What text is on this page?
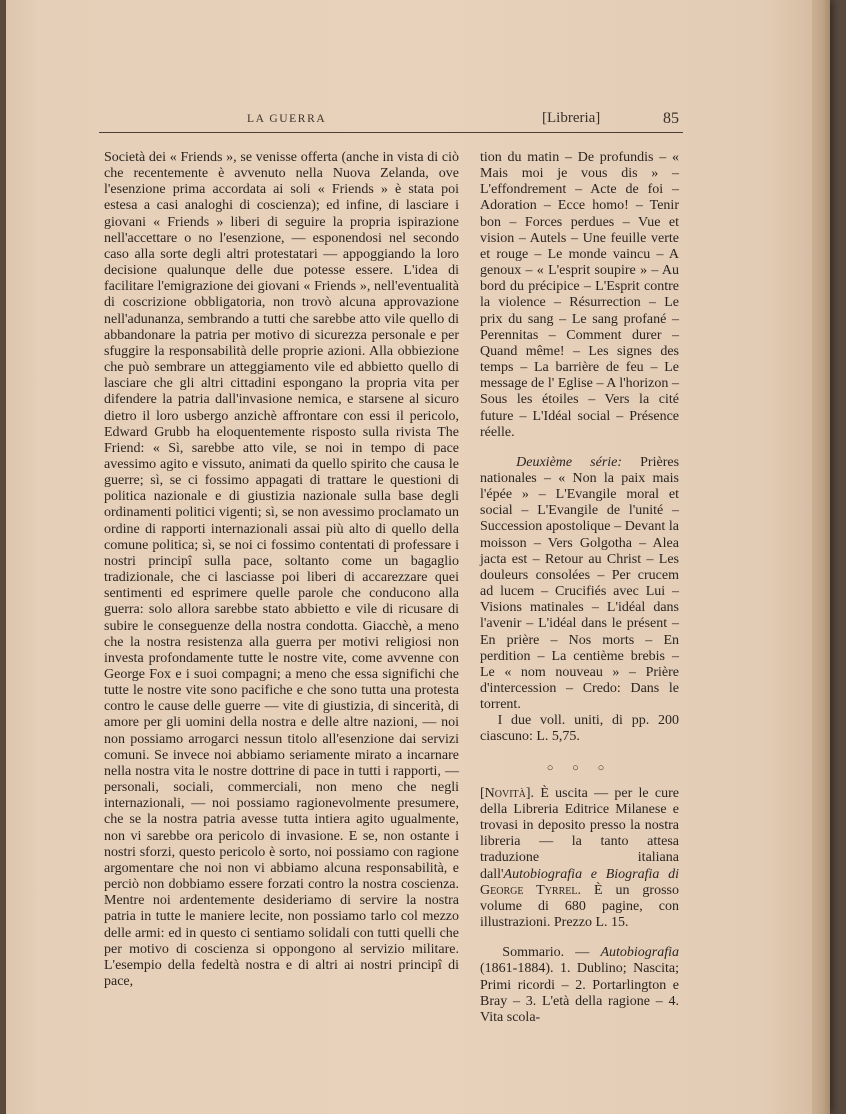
LA GUERRA	[Libreria]	85

Società dei « Friends », se venisse offerta (anche in vista di ciò che recentemente è avvenuto nella Nuova Zelanda, ove l'esenzione prima accordata ai soli « Friends » è stata poi estesa a casi analoghi di coscienza); ed infine, di lasciare i giovani « Friends » liberi di seguire la propria ispirazione nell'accettare o no l'esenzione, — esponendosi nel secondo caso alla sorte degli altri protestatari — appoggiando la loro decisione qualunque delle due potesse essere. L'idea di facilitare l'emigrazione dei giovani « Friends », nell'eventualità di coscrizione obbligatoria, non trovò alcuna approvazione nell'adunanza, sembrando a tutti che sarebbe atto vile quello di abbandonare la patria per motivo di sicurezza personale e per sfuggire la responsabilità delle proprie azioni. Alla obbiezione che può sembrare un atteggiamento vile ed abbietto quello di lasciare che gli altri cittadini espongano la propria vita per difendere la patria dall'invasione nemica, e starsene al sicuro dietro il loro usbergo anzichè affrontare con essi il pericolo, Edward Grubb ha eloquentemente risposto sulla rivista The Friend: « Sì, sarebbe atto vile, se noi in tempo di pace avessimo agito e vissuto, animati da quello spirito che causa le guerre; sì, se ci fossimo appagati di trattare le questioni di politica nazionale e di giustizia nazionale sulla base degli ordinamenti politici vigenti; sì, se non avessimo proclamato un ordine di rapporti internazionali assai più alto di quello della comune politica; sì, se noi ci fossimo contentati di professare i nostri principî sulla pace, soltanto come un bagaglio tradizionale, che ci lasciasse poi liberi di accarezzare quei sentimenti ed esprimere quelle parole che conducono alla guerra: solo allora sarebbe stato abbietto e vile di ricusare di subire le conseguenze della nostra condotta. Giacchè, a meno che la nostra resistenza alla guerra per motivi religiosi non investa profondamente tutte le nostre vite, come avvenne con George Fox e i suoi compagni; a meno che essa significhi che tutte le nostre vite sono pacifiche e che sono tutta una protesta contro le cause delle guerre — vite di giustizia, di sincerità, di amore per gli uomini della nostra e delle altre nazioni, — noi non possiamo arrogarci nessun titolo all'esenzione dai servizi comuni. Se invece noi abbiamo seriamente mirato a incarnare nella nostra vita le nostre dottrine di pace in tutti i rapporti, — personali, sociali, commerciali, non meno che negli internazionali, — noi possiamo ragionevolmente presumere, che se la nostra patria avesse tutta intiera agito ugualmente, non vi sarebbe ora pericolo di invasione. E se, non ostante i nostri sforzi, questo pericolo è sorto, noi possiamo con ragione argomentare che noi non vi abbiamo alcuna responsabilità, e perciò non dobbiamo essere forzati contro la nostra coscienza. Mentre noi ardentemente desideriamo di servire la nostra patria in tutte le maniere lecite, non possiamo tarlo col mezzo delle armi: ed in questo ci sentiamo solidali con tutti quelli che per motivo di coscienza si oppongono al servizio militare. L'esempio della fedeltà nostra e di altri ai nostri principî di pace,

tion du matin – De profundis – « Mais moi je vous dis » – L'effondrement – Acte de foi – Adoration – Ecce homo! – Tenir bon – Forces perdues – Vue et vision – Autels – Une feuille verte et rouge – Le monde vaincu – A genoux – « L'esprit soupire » – Au bord du précipice – L'Esprit contre la violence – Résurrection – Le prix du sang – Le sang profané – Perennitas – Comment durer – Quand même! – Les signes des temps – La barrière de feu – Le message de l' Eglise – A l'horizon – Sous les étoiles – Vers la cité future – L'Idéal social – Présence réelle.

Deuxième série: Prières nationales – « Non la paix mais l'épée » – L'Evangile moral et social – L'Evangile de l'unité – Succession apostolique – Devant la moisson – Vers Golgotha – Alea jacta est – Retour au Christ – Les douleurs consolées – Per crucem ad lucem – Crucifiés avec Lui – Visions matinales – L'idéal dans l'avenir – L'idéal dans le présent – En prière – Nos morts – En perdition – La centième brebis – Le « nom nouveau » – Prière d'intercession – Credo: Dans le torrent.

I due voll. uniti, di pp. 200 ciascuno: L. 5,75.

○ ○ ○

[Novità]. È uscita — per le cure della Libreria Editrice Milanese e trovasi in deposito presso la nostra libreria — la tanto attesa traduzione italiana dall'Autobiografia e Biografia di George Tyrrel. È un grosso volume di 680 pagine, con illustrazioni. Prezzo L. 15.

Sommario. — Autobiografia (1861-1884). 1. Dublino; Nascita; Primi ricordi – 2. Portarlington e Bray – 3. L'età della ragione – 4. Vita scola-
